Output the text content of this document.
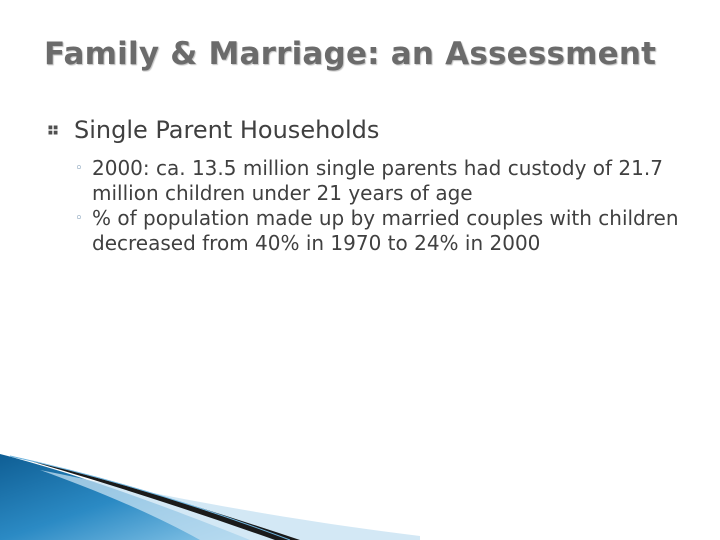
Family & Marriage: an Assessment
Single Parent Households
◦ 2000: ca. 13.5 million single parents had custody of 21.7 million children under 21 years of age
◦ % of population made up by married couples with children decreased from 40% in 1970 to 24% in 2000
